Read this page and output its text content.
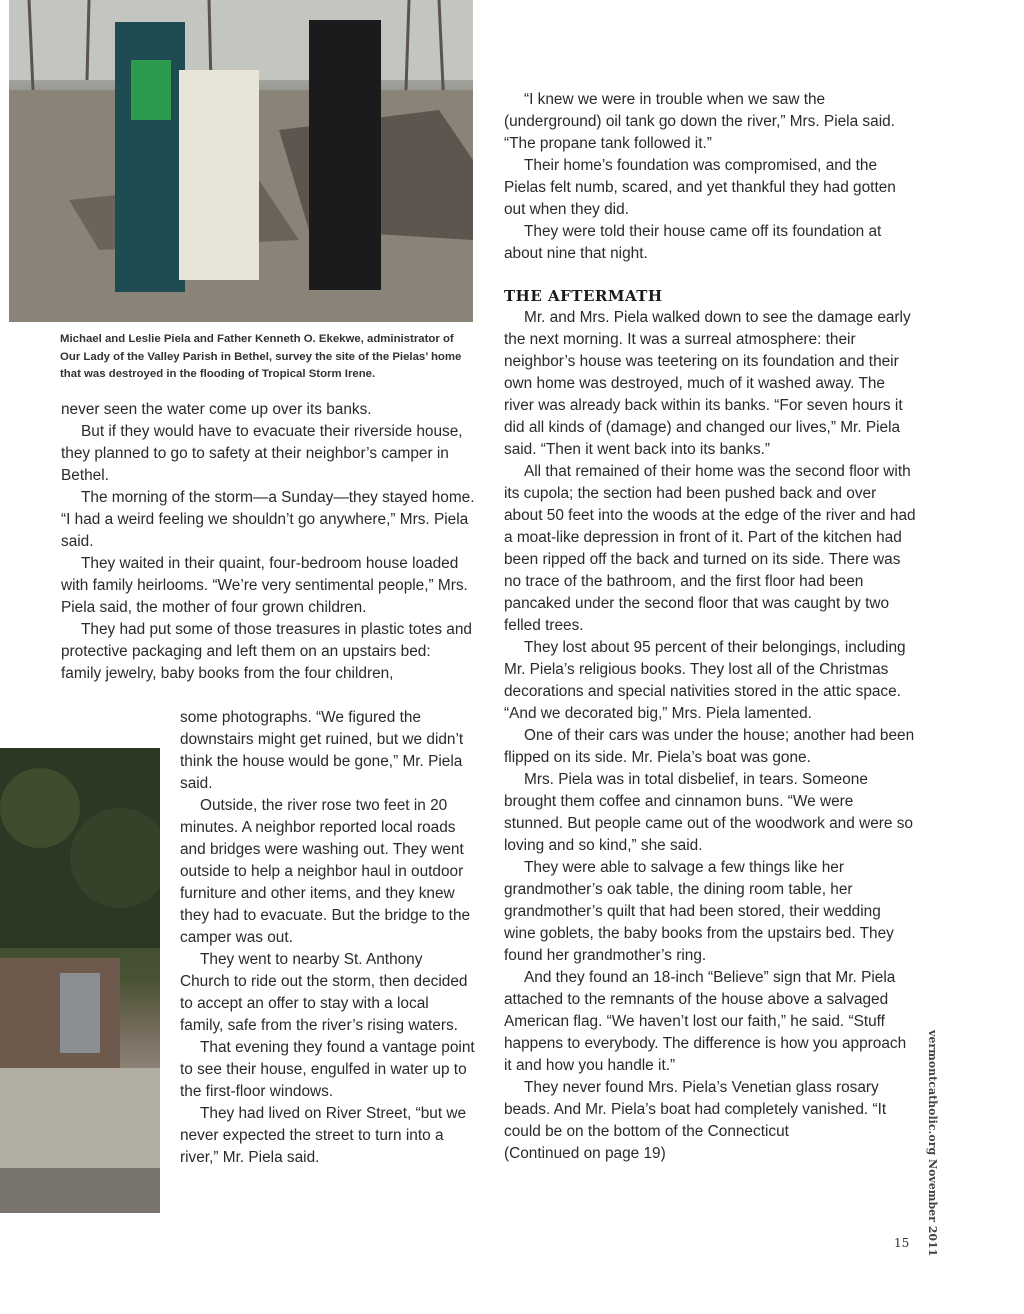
Michael and Leslie Piela and Father Kenneth O. Ekekwe, administrator of Our Lady of the Valley Parish in Bethel, survey the site of the Pielas’ home that was destroyed in the flooding of Tropical Storm Irene.

never seen the water come up over its banks.

But if they would have to evacuate their riverside house, they planned to go to safety at their neighbor’s camper in Bethel.

The morning of the storm—a Sunday—they stayed home. “I had a weird feeling we shouldn’t go anywhere,” Mrs. Piela said.

They waited in their quaint, four-bedroom house loaded with family heirlooms. “We’re very sentimental people,” Mrs. Piela said, the mother of four grown children.

They had put some of those treasures in plastic totes and protective packaging and left them on an upstairs bed: family jewelry, baby books from the four children,

some photographs. “We figured the downstairs might get ruined, but we didn’t think the house would be gone,” Mr. Piela said.

Outside, the river rose two feet in 20 minutes. A neighbor reported local roads and bridges were washing out. They went outside to help a neighbor haul in outdoor furniture and other items, and they knew they had to evacuate. But the bridge to the camper was out.

They went to nearby St. Anthony Church to ride out the storm, then decided to accept an offer to stay with a local family, safe from the river’s rising waters.

That evening they found a vantage point to see their house, engulfed in water up to the first-floor windows.

They had lived on River Street, “but we never expected the street to turn into a river,” Mr. Piela said.

“I knew we were in trouble when we saw the (underground) oil tank go down the river,” Mrs. Piela said. “The propane tank followed it.”

Their home’s foundation was compromised, and the Pielas felt numb, scared, and yet thankful they had gotten out when they did.

They were told their house came off its foundation at about nine that night.

THE AFTERMATH

Mr. and Mrs. Piela walked down to see the damage early the next morning. It was a surreal atmosphere: their neighbor’s house was teetering on its foundation and their own home was destroyed, much of it washed away. The river was already back within its banks. “For seven hours it did all kinds of (damage) and changed our lives,” Mr. Piela said. “Then it went back into its banks.”

All that remained of their home was the second floor with its cupola; the section had been pushed back and over about 50 feet into the woods at the edge of the river and had a moat-like depression in front of it. Part of the kitchen had been ripped off the back and turned on its side. There was no trace of the bathroom, and the first floor had been pancaked under the second floor that was caught by two felled trees.

They lost about 95 percent of their belongings, including Mr. Piela’s religious books. They lost all of the Christmas decorations and special nativities stored in the attic space. “And we decorated big,” Mrs. Piela lamented.

One of their cars was under the house; another had been flipped on its side. Mr. Piela’s boat was gone.

Mrs. Piela was in total disbelief, in tears. Someone brought them coffee and cinnamon buns. “We were stunned. But people came out of the woodwork and were so loving and so kind,” she said.

They were able to salvage a few things like her grandmother’s oak table, the dining room table, her grandmother’s quilt that had been stored, their wedding wine goblets, the baby books from the upstairs bed. They found her grandmother’s ring.

And they found an 18-inch “Believe” sign that Mr. Piela attached to the remnants of the house above a salvaged American flag. “We haven’t lost our faith,” he said. “Stuff happens to everybody. The difference is how you approach it and how you handle it.”

They never found Mrs. Piela’s Venetian glass rosary beads. And Mr. Piela’s boat had completely vanished. “It could be on the bottom of the Connecticut

(Continued on page 19)	vermontcatholic.org November 2011
15
